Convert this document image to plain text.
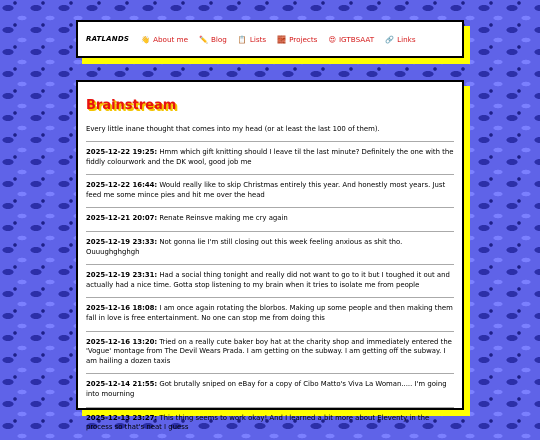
RATLANDS 👋 About me ✏️ Blog 📋 Lists 🧱 Projects 😍 IGTBSAAT 🔗 Links
Brainstream
Every little inane thought that comes into my head (or at least the last 100 of them).
2025-12-22 19:25: Hmm which gift knitting should I leave til the last minute? Definitely the one with the fiddly colourwork and the DK wool, good job me
2025-12-22 16:44: Would really like to skip Christmas entirely this year. And honestly most years. Just feed me some mince pies and hit me over the head
2025-12-21 20:07: Renate Reinsve making me cry again
2025-12-19 23:33: Not gonna lie I'm still closing out this week feeling anxious as shit tho. Ouuughghghgh
2025-12-19 23:31: Had a social thing tonight and really did not want to go to it but I toughed it out and actually had a nice time. Gotta stop listening to my brain when it tries to isolate me from people
2025-12-16 18:08: I am once again rotating the blorbos. Making up some people and then making them fall in love is free entertainment. No one can stop me from doing this
2025-12-16 13:20: Tried on a really cute baker boy hat at the charity shop and immediately entered the 'Vogue' montage from The Devil Wears Prada. I am getting on the subway. I am getting off the subway. I am hailing a dozen taxis
2025-12-14 21:55: Got brutally sniped on eBay for a copy of Cibo Matto's Viva La Woman..... I'm going into mourning
2025-12-13 23:27: This thing seems to work okay! And I learned a bit more about Eleventy in the process so that's neat I guess
